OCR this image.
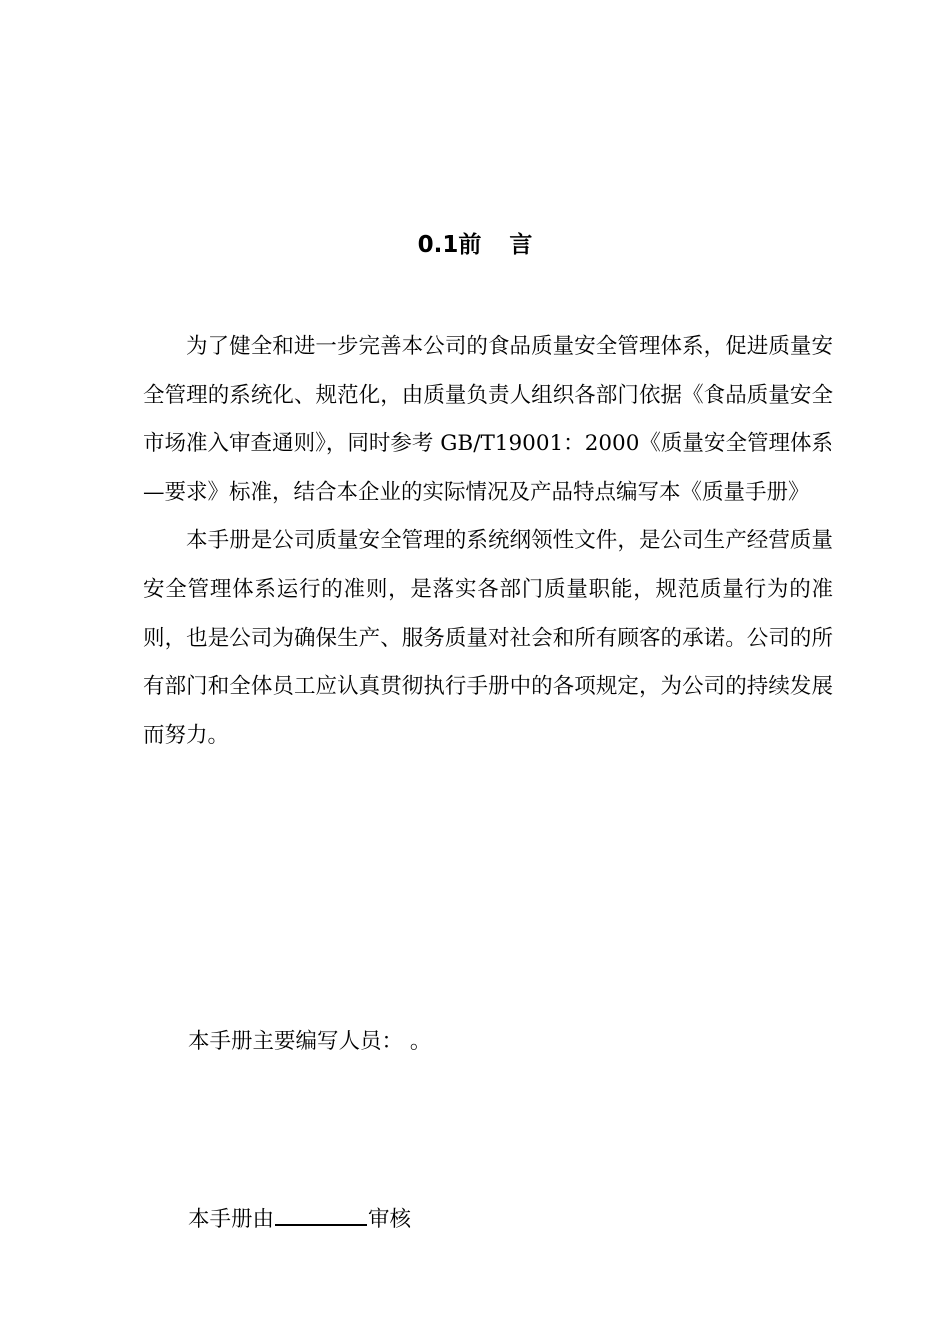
0.1前 言

为了健全和进一步完善本公司的食品质量安全管理体系，促进质量安全管理的系统化、规范化，由质量负责人组织各部门依据《食品质量安全市场准入审查通则》，同时参考 GB/T19001：2000《质量安全管理体系—要求》标准，结合本企业的实际情况及产品特点编写本《质量手册》

本手册是公司质量安全管理的系统纲领性文件，是公司生产经营质量安全管理体系运行的准则，是落实各部门质量职能，规范质量行为的准则，也是公司为确保生产、服务质量对社会和所有顾客的承诺。公司的所有部门和全体员工应认真贯彻执行手册中的各项规定，为公司的持续发展而努力。

本手册主要编写人员： 。
本手册由	审核
